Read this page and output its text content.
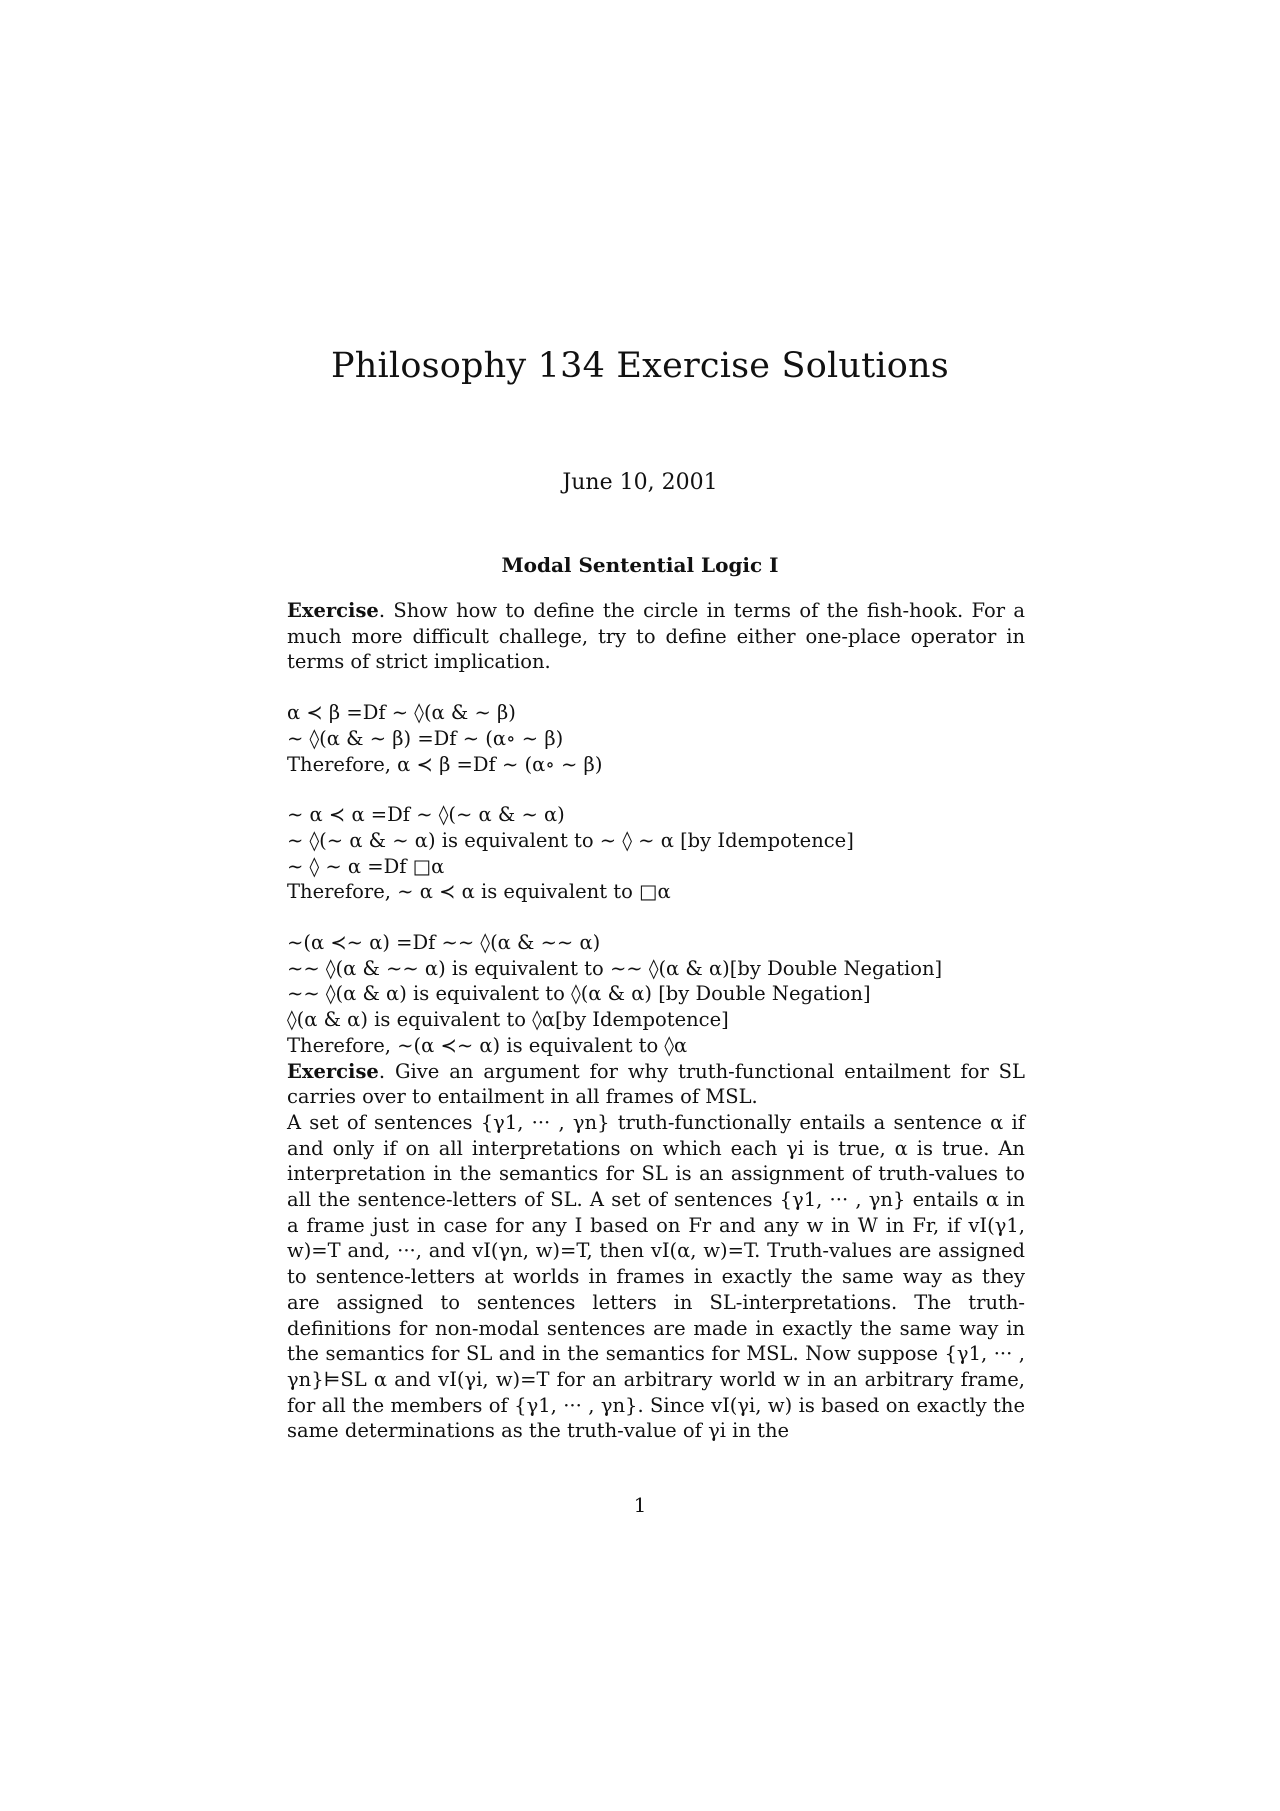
Philosophy 134 Exercise Solutions
June 10, 2001
Modal Sentential Logic I

Exercise. Show how to define the circle in terms of the fish-hook. For a much more difficult challege, try to define either one-place operator in terms of strict implication.

α ≺ β =Df ∼ ◊(α & ∼ β)

∼ ◊(α & ∼ β) =Df ∼ (α∘ ∼ β)

Therefore, α ≺ β =Df ∼ (α∘ ∼ β)

∼ α ≺ α =Df ∼ ◊(∼ α & ∼ α)

∼ ◊(∼ α & ∼ α) is equivalent to ∼ ◊ ∼ α [by Idempotence]

∼ ◊ ∼ α =Df □α

Therefore, ∼ α ≺ α is equivalent to □α

∼(α ≺∼ α) =Df ∼∼ ◊(α & ∼∼ α)

∼∼ ◊(α & ∼∼ α) is equivalent to ∼∼ ◊(α & α)[by Double Negation]

∼∼ ◊(α & α) is equivalent to ◊(α & α) [by Double Negation]

◊(α & α) is equivalent to ◊α[by Idempotence]

Therefore, ∼(α ≺∼ α) is equivalent to ◊α

Exercise. Give an argument for why truth-functional entailment for SL carries over to entailment in all frames of MSL.

A set of sentences {γ1, ··· , γn} truth-functionally entails a sentence α if and only if on all interpretations on which each γi is true, α is true. An interpretation in the semantics for SL is an assignment of truth-values to all the sentence-letters of SL. A set of sentences {γ1, ··· , γn} entails α in a frame just in case for any I based on Fr and any w in W in Fr, if vI(γ1, w)=T and, ···, and vI(γn, w)=T, then vI(α, w)=T. Truth-values are assigned to sentence-letters at worlds in frames in exactly the same way as they are assigned to sentences letters in SL-interpretations. The truth-definitions for non-modal sentences are made in exactly the same way in the semantics for SL and in the semantics for MSL. Now suppose {γ1, ··· , γn}⊨SL α and vI(γi, w)=T for an arbitrary world w in an arbitrary frame, for all the members of {γ1, ··· , γn}. Since vI(γi, w) is based on exactly the same determinations as the truth-value of γi in the

1
